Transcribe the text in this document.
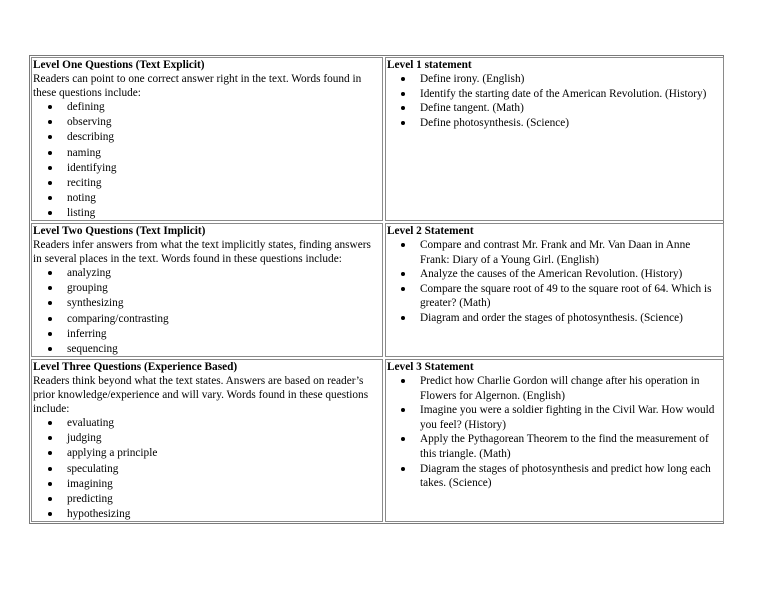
Level One Questions (Text Explicit)
Readers can point to one correct answer right in the text. Words found in these questions include:
defining
observing
describing
naming
identifying
reciting
noting
listing
Level 1 statement
Define irony. (English)
Identify the starting date of the American Revolution. (History)
Define tangent. (Math)
Define photosynthesis. (Science)
Level Two Questions (Text Implicit)
Readers infer answers from what the text implicitly states, finding answers in several places in the text. Words found in these questions include:
analyzing
grouping
synthesizing
comparing/contrasting
inferring
sequencing
Level 2 Statement
Compare and contrast Mr. Frank and Mr. Van Daan in Anne Frank: Diary of a Young Girl. (English)
Analyze the causes of the American Revolution. (History)
Compare the square root of 49 to the square root of 64. Which is greater? (Math)
Diagram and order the stages of photosynthesis. (Science)
Level Three Questions (Experience Based)
Readers think beyond what the text states. Answers are based on reader’s prior knowledge/experience and will vary. Words found in these questions include:
evaluating
judging
applying a principle
speculating
imagining
predicting
hypothesizing
Level 3 Statement
Predict how Charlie Gordon will change after his operation in Flowers for Algernon. (English)
Imagine you were a soldier fighting in the Civil War. How would you feel? (History)
Apply the Pythagorean Theorem to the find the measurement of this triangle. (Math)
Diagram the stages of photosynthesis and predict how long each takes. (Science)
